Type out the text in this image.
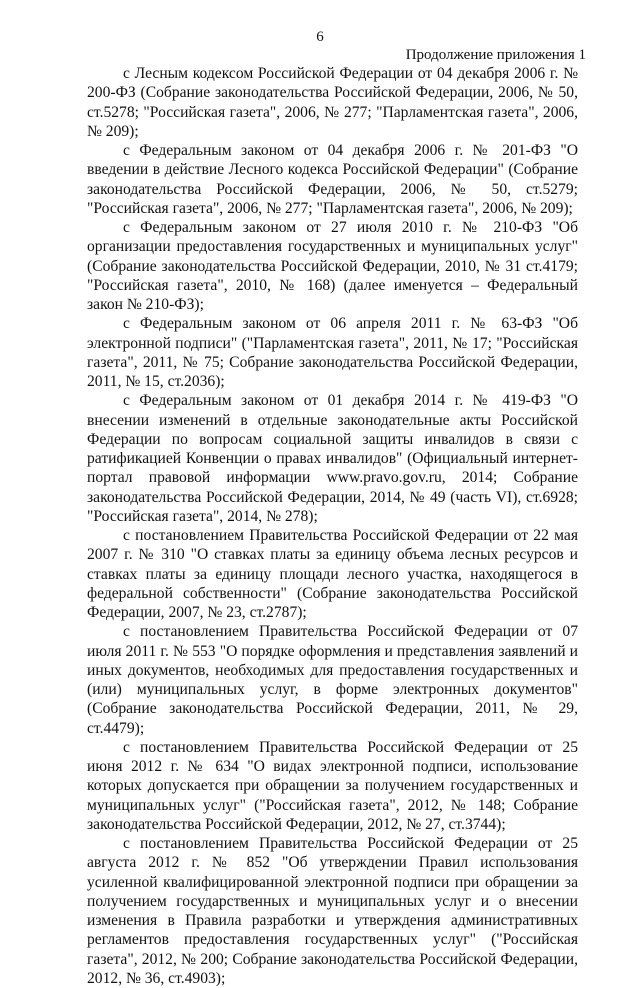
6
Продолжение приложения 1

с Лесным кодексом Российской Федерации от 04 декабря 2006 г. № 200-ФЗ (Собрание законодательства Российской Федерации, 2006, № 50, ст.5278; "Российская газета", 2006, № 277; "Парламентская газета", 2006, № 209);

с Федеральным законом от 04 декабря 2006 г. № 201-ФЗ "О введении в действие Лесного кодекса Российской Федерации" (Собрание законодательства Российской Федерации, 2006, № 50, ст.5279; "Российская газета", 2006, № 277; "Парламентская газета", 2006, № 209);

с Федеральным законом от 27 июля 2010 г. № 210-ФЗ "Об организации предоставления государственных и муниципальных услуг" (Собрание законодательства Российской Федерации, 2010, № 31 ст.4179; "Российская газета", 2010, № 168) (далее именуется – Федеральный закон № 210-ФЗ);

с Федеральным законом от 06 апреля 2011 г. № 63-ФЗ "Об электронной подписи" ("Парламентская газета", 2011, № 17; "Российская газета", 2011, № 75; Собрание законодательства Российской Федерации, 2011, № 15, ст.2036);

с Федеральным законом от 01 декабря 2014 г. № 419-ФЗ "О внесении изменений в отдельные законодательные акты Российской Федерации по вопросам социальной защиты инвалидов в связи с ратификацией Конвенции о правах инвалидов" (Официальный интернет-портал правовой информации www.pravo.gov.ru, 2014; Собрание законодательства Российской Федерации, 2014, № 49 (часть VI), ст.6928; "Российская газета", 2014, № 278);

с постановлением Правительства Российской Федерации от 22 мая 2007 г. № 310 "О ставках платы за единицу объема лесных ресурсов и ставках платы за единицу площади лесного участка, находящегося в федеральной собственности" (Собрание законодательства Российской Федерации, 2007, № 23, ст.2787);

с постановлением Правительства Российской Федерации от 07 июля 2011 г. № 553 "О порядке оформления и представления заявлений и иных документов, необходимых для предоставления государственных и (или) муниципальных услуг, в форме электронных документов" (Собрание законодательства Российской Федерации, 2011, № 29, ст.4479);

с постановлением Правительства Российской Федерации от 25 июня 2012 г. № 634 "О видах электронной подписи, использование которых допускается при обращении за получением государственных и муниципальных услуг" ("Российская газета", 2012, № 148; Собрание законодательства Российской Федерации, 2012, № 27, ст.3744);

с постановлением Правительства Российской Федерации от 25 августа 2012 г. № 852 "Об утверждении Правил использования усиленной квалифицированной электронной подписи при обращении за получением государственных и муниципальных услуг и о внесении изменения в Правила разработки и утверждения административных регламентов предоставления государственных услуг" ("Российская газета", 2012, № 200; Собрание законодательства Российской Федерации, 2012, № 36, ст.4903);
